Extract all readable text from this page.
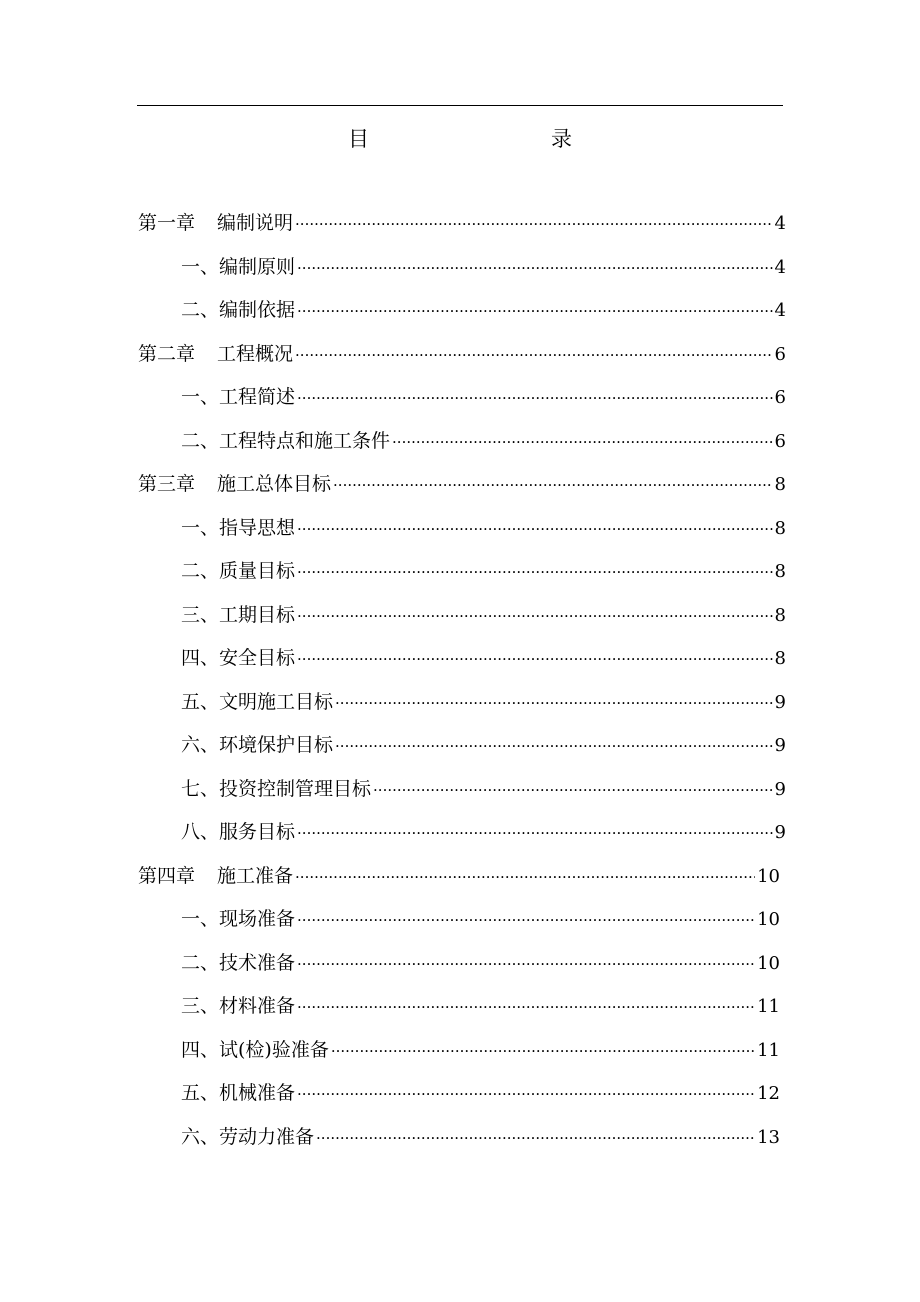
目	录
第一章 编制说明 ·····	4
一、编制原则 ·····	4
二、编制依据 ·····	4
第二章 工程概况 ·····	6
一、工程简述 ·····	6
二、工程特点和施工条件 ·····	6
第三章 施工总体目标 ·····	8
一、指导思想 ·····	8
二、质量目标 ·····	8
三、工期目标 ·····	8
四、安全目标 ·····	8
五、文明施工目标 ·····	9
六、环境保护目标 ·····	9
七、投资控制管理目标 ·····	9
八、服务目标 ·····	9
第四章 施工准备 ·····	10
一、现场准备 ·····	10
二、技术准备 ·····	10
三、材料准备 ·····	11
四、试(检)验准备 ·····	11
五、机械准备 ·····	12
六、劳动力准备 ·····	13
